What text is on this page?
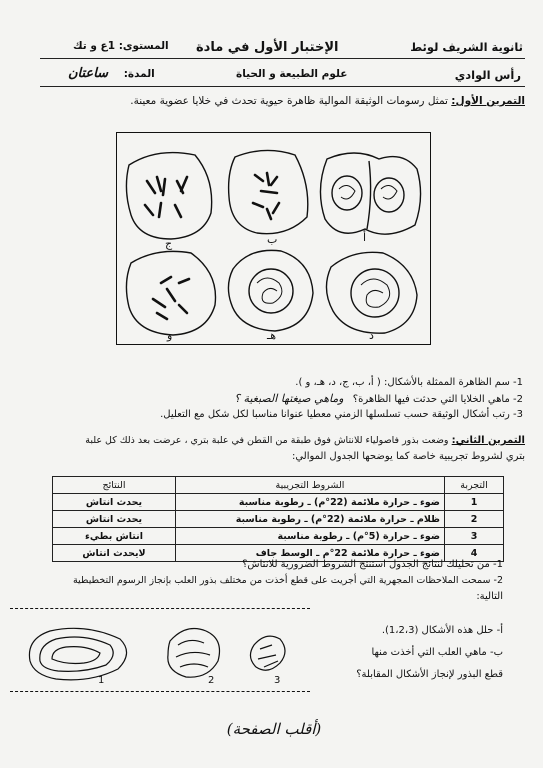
ثانوية الشريف لوئط
الإختبار الأول في مادة
المستوى: 1ع و تك
رأس الوادي
علوم الطبيعة و الحياة
المدة: ساعتان
التمرين الأول: تمثل رسومات الوثيقة الموالية ظاهرة حيوية تحدث في خلايا عضوية معينة.
ج	ب	أ
و	هـ	د
1- سم الظاهرة الممثلة بالأشكال: ( أ، ب، ج، د، هـ، و ).
2- ماهي الخلايا التي حدثت فيها الظاهرة؟ وماهي صيغتها الصبغية ؟
3- رتب أشكال الوثيقة حسب تسلسلها الزمني معطيا عنوانا مناسبا لكل شكل مع التعليل.
التمرين الثاني: وضعت بذور فاصولياء للانتاش فوق طبقة من القطن في علبة بتري ، عرضت بعد ذلك كل علبة
بتري لشروط تجريبية خاصة كما يوضحها الجدول الموالي:
التجربة	الشروط التجريبية	النتائج
1	ضوء ـ حرارة ملائمة (22°م) ـ رطوبة مناسبة	يحدث انتاش
2	ظلام ـ حرارة ملائمة (22°م) ـ رطوبة مناسبة	يحدث انتاش
3	ضوء ـ حرارة (5°م) ـ رطوبة مناسبة	انتاش بطيء
4	ضوء ـ حرارة ملائمة 22°م ـ الوسط جاف	لايحدث انتاش
1- من تحليلك لنتائج الجدول استنتج الشروط الضرورية للانتاش؟
2- سمحت الملاحظات المجهرية التي أجريت على قطع أخذت من مختلف بذور العلب بإنجاز الرسوم التخطيطية
التالية:
1	2	3
أ- حلل هذه الأشكال (1،2،3).
ب- ماهي العلب التي أخذت منها
قطع البذور لإنجاز الأشكال المقابلة؟
(أقلب الصفحة)
